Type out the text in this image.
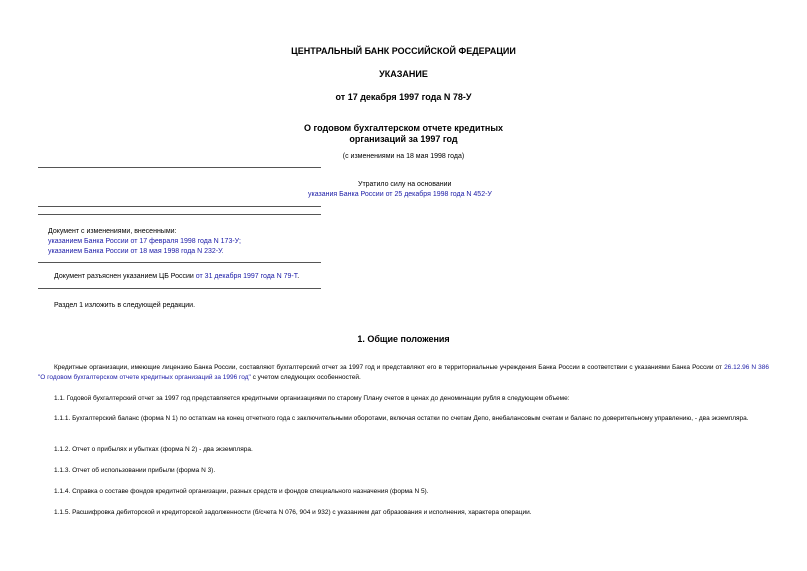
ЦЕНТРАЛЬНЫЙ БАНК РОССИЙСКОЙ ФЕДЕРАЦИИ
УКАЗАНИЕ
от 17 декабря 1997 года N 78-У
О годовом бухгалтерском отчете кредитных
организаций за 1997 год
(с изменениями на 18 мая 1998 года)
Утратило силу на основании
указания Банка России от 25 декабря 1998 года N 452-У
Документ с изменениями, внесенными:
указанием Банка России от 17 февраля 1998 года N 173-У;
указанием Банка России от 18 мая 1998 года N 232-У.
Документ разъяснен указанием ЦБ России от 31 декабря 1997 года N 79-Т.
Раздел 1 изложить в следующей редакции.
1. Общие положения
Кредитные организации, имеющие лицензию Банка России, составляют бухгалтерский отчет за 1997 год и представляют его в территориальные учреждения Банка России в соответствии с указаниями Банка России от 26.12.96 N 386 "О годовом бухгалтерском отчете кредитных организаций за 1996 год" с учетом следующих особенностей.
1.1. Годовой бухгалтерский отчет за 1997 год представляется кредитными организациями по старому Плану счетов в ценах до деноминации рубля в следующем объеме:
1.1.1. Бухгалтерский баланс (форма N 1) по остаткам на конец отчетного года с заключительными оборотами, включая остатки по счетам Депо, внебалансовым счетам и баланс по доверительному управлению, - два экземпляра.
1.1.2. Отчет о прибылях и убытках (форма N 2) - два экземпляра.
1.1.3. Отчет об использовании прибыли (форма N 3).
1.1.4. Справка о составе фондов кредитной организации, разных средств и фондов специального назначения (форма N 5).
1.1.5. Расшифровка дебиторской и кредиторской задолженности (б/счета N 076, 904 и 932) с указанием дат образования и исполнения, характера операции.
